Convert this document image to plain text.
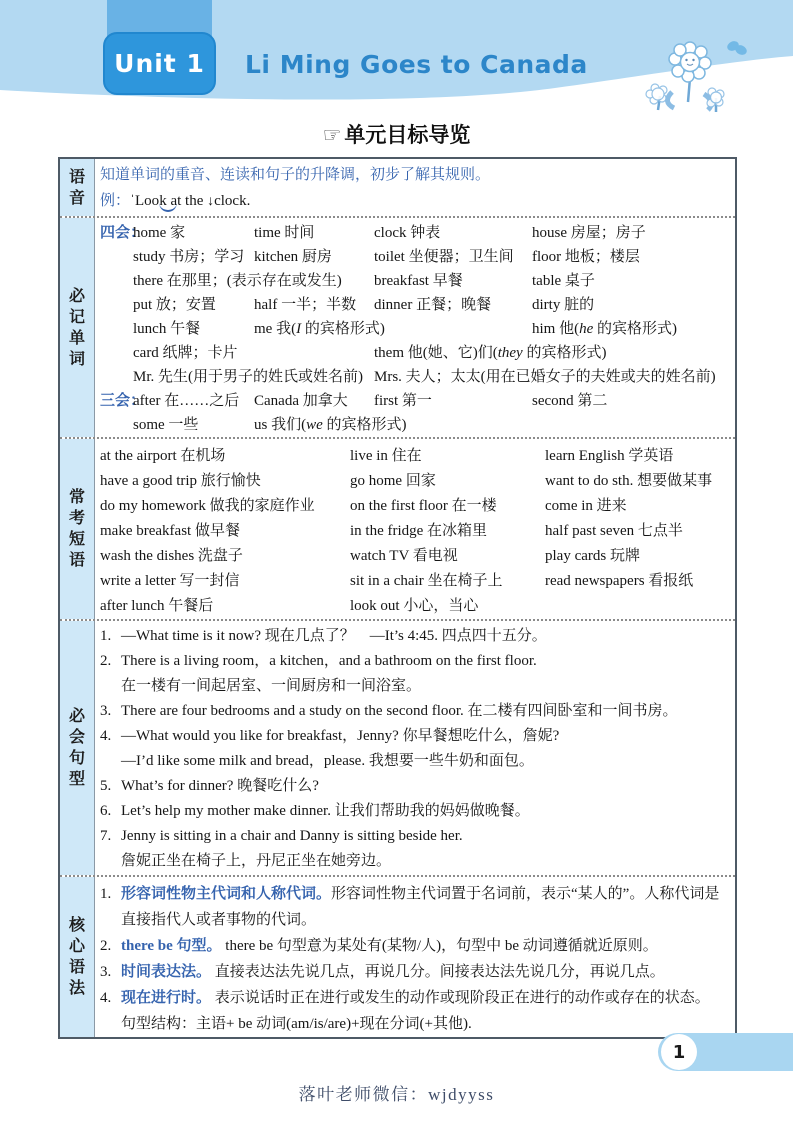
Unit 1	Li Ming Goes to Canada
☞ 单元目标导览
语音
知道单词的重音、连读和句子的升降调，初步了解其规则。
例：ˈLook at the ↓clock.
必记单词
四会：home 家	time 时间	clock 钟表	house 房屋；房子
study 书房；学习 kitchen 厨房	toilet 坐便器；卫生间 floor 地板；楼层
there 在那里；(表示存在或发生) breakfast 早餐	table 桌子
put 放；安置	half 一半；半数 dinner 正餐；晚餐	dirty 脏的
lunch 午餐	me 我(I 的宾格形式)	him 他(he 的宾格形式)
card 纸牌；卡片	them 他(她、它)们(they 的宾格形式)
Mr. 先生(用于男子的姓氏或姓名前) Mrs. 夫人；太太(用在已婚女子的夫姓或夫的姓名前)
三会：after 在……之后 Canada 加拿大 first 第一	second 第二
some 一些	us 我们(we 的宾格形式)
常考短语
at the airport 在机场	live in 住在	learn English 学英语
have a good trip 旅行愉快	go home 回家	want to do sth. 想要做某事
do my homework 做我的家庭作业 on the first floor 在一楼	come in 进来
make breakfast 做早餐	in the fridge 在冰箱里	half past seven 七点半
wash the dishes 洗盘子	watch TV 看电视	play cards 玩牌
write a letter 写一封信	sit in a chair 坐在椅子上	read newspapers 看报纸
after lunch 午餐后	look out 小心，当心
必会句型
1. —What time is it now? 现在几点了？　—It’s 4:45. 四点四十五分。
2. There is a living room，a kitchen，and a bathroom on the first floor.
在一楼有一间起居室、一间厨房和一间浴室。
3. There are four bedrooms and a study on the second floor. 在二楼有四间卧室和一间书房。
4. —What would you like for breakfast，Jenny? 你早餐想吃什么，詹妮?
—I’d like some milk and bread，please. 我想要一些牛奶和面包。
5. What’s for dinner? 晚餐吃什么?
6. Let’s help my mother make dinner. 让我们帮助我的妈妈做晚餐。
7. Jenny is sitting in a chair and Danny is sitting beside her.
詹妮正坐在椅子上，丹尼正坐在她旁边。
核心语法
1. 形容词性物主代词和人称代词。形容词性物主代词置于名词前，表示“某人的”。人称代词是
直接指代人或者事物的代词。
2. there be 句型。 there be 句型意为某处有(某物/人)，句型中 be 动词遵循就近原则。
3. 时间表达法。 直接表达法先说几点，再说几分。间接表达法先说几分，再说几点。
4. 现在进行时。 表示说话时正在进行或发生的动作或现阶段正在进行的动作或存在的状态。
句型结构：主语+ be 动词(am/is/are)+现在分词(+其他).
1
落叶老师微信：wjdyyss
